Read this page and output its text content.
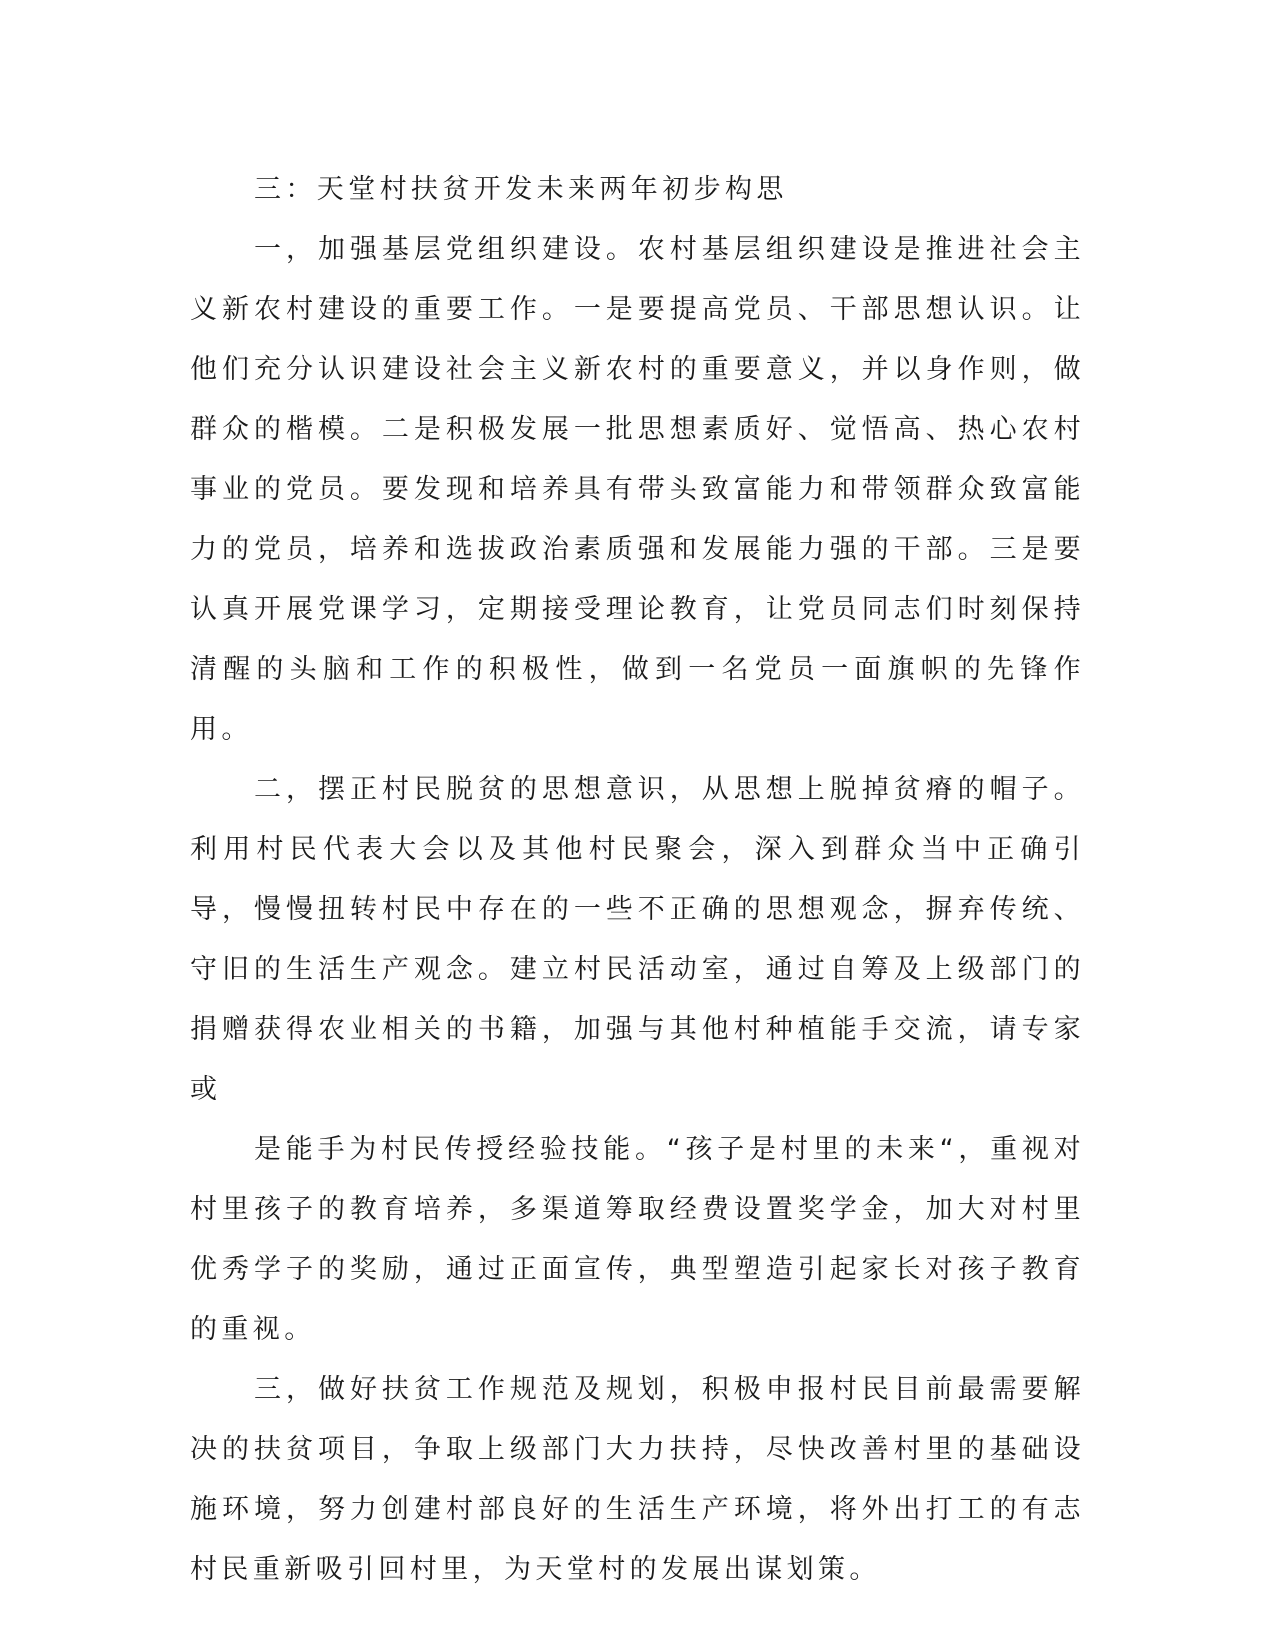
三：天堂村扶贫开发未来两年初步构思

一，加强基层党组织建设。农村基层组织建设是推进社会主义新农村建设的重要工作。一是要提高党员、干部思想认识。让他们充分认识建设社会主义新农村的重要意义，并以身作则，做群众的楷模。二是积极发展一批思想素质好、觉悟高、热心农村事业的党员。要发现和培养具有带头致富能力和带领群众致富能力的党员，培养和选拔政治素质强和发展能力强的干部。三是要认真开展党课学习，定期接受理论教育，让党员同志们时刻保持清醒的头脑和工作的积极性，做到一名党员一面旗帜的先锋作用。

二，摆正村民脱贫的思想意识，从思想上脱掉贫瘠的帽子。利用村民代表大会以及其他村民聚会，深入到群众当中正确引导，慢慢扭转村民中存在的一些不正确的思想观念，摒弃传统、守旧的生活生产观念。建立村民活动室，通过自筹及上级部门的捐赠获得农业相关的书籍，加强与其他村种植能手交流，请专家或

是能手为村民传授经验技能。“孩子是村里的未来“，重视对村里孩子的教育培养，多渠道筹取经费设置奖学金，加大对村里优秀学子的奖励，通过正面宣传，典型塑造引起家长对孩子教育的重视。

三，做好扶贫工作规范及规划，积极申报村民目前最需要解决的扶贫项目，争取上级部门大力扶持，尽快改善村里的基础设施环境，努力创建村部良好的生活生产环境，将外出打工的有志村民重新吸引回村里，为天堂村的发展出谋划策。
